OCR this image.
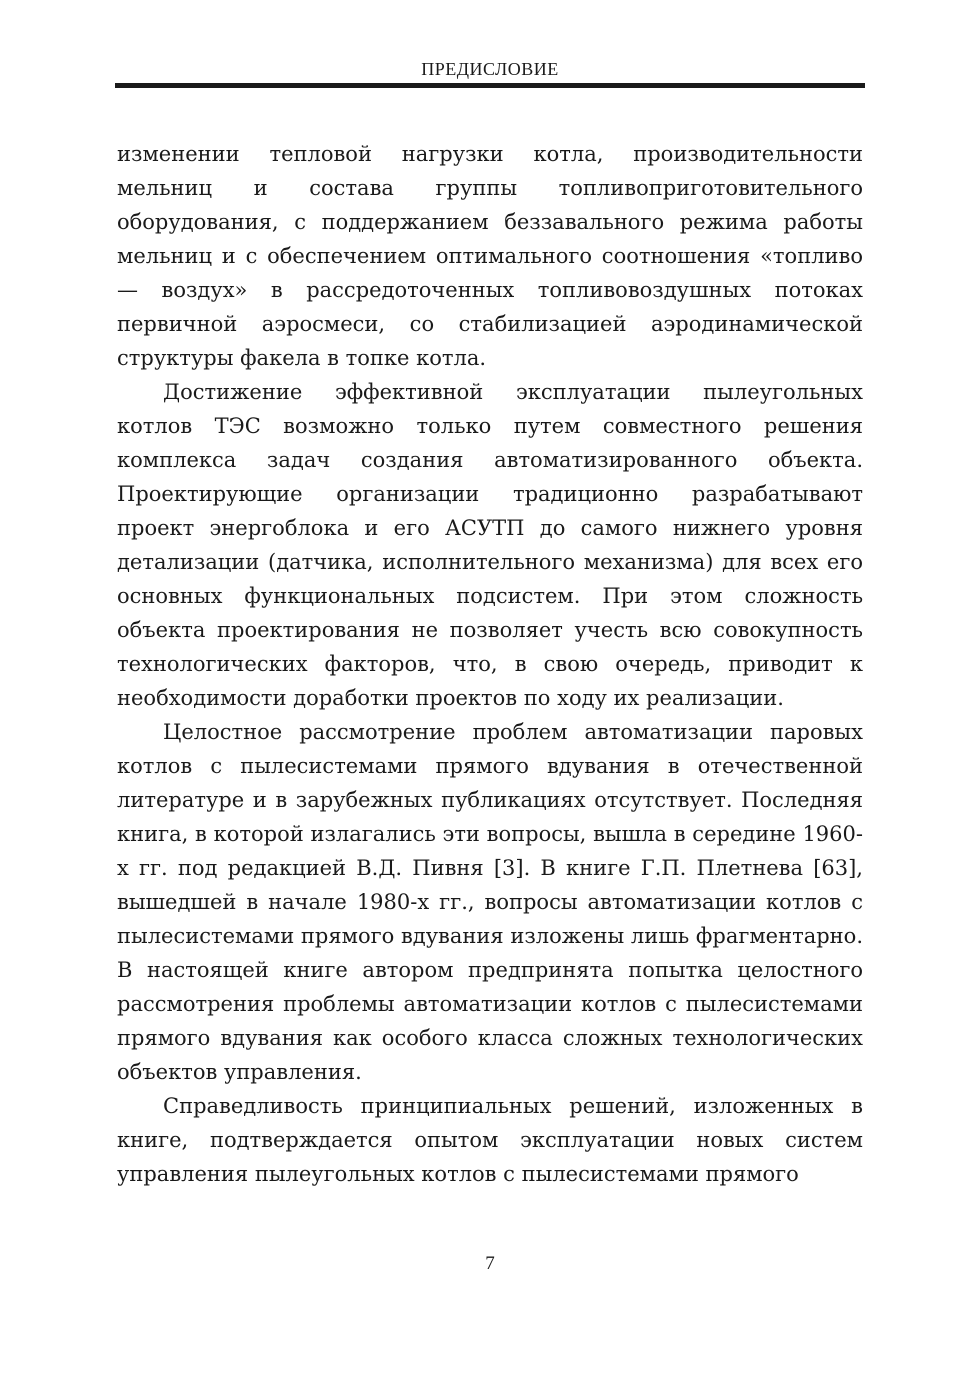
ПРЕДИСЛОВИЕ

изменении тепловой нагрузки котла, производительности мельниц и состава группы топливоприготовительного оборудования, с поддержанием беззавального режима работы мельниц и с обеспечением оптимального соотношения «топливо — воздух» в рассредоточенных топливовоздушных потоках первичной аэросмеси, со стабилизацией аэродинамической структуры факела в топке котла.

Достижение эффективной эксплуатации пылеугольных котлов ТЭС возможно только путем совместного решения комплекса задач создания автоматизированного объекта. Проектирующие организации традиционно разрабатывают проект энергоблока и его АСУТП до самого нижнего уровня детализации (датчика, исполнительного механизма) для всех его основных функциональных подсистем. При этом сложность объекта проектирования не позволяет учесть всю совокупность технологических факторов, что, в свою очередь, приводит к необходимости доработки проектов по ходу их реализации.

Целостное рассмотрение проблем автоматизации паровых котлов с пылесистемами прямого вдувания в отечественной литературе и в зарубежных публикациях отсутствует. Последняя книга, в которой излагались эти вопросы, вышла в середине 1960-х гг. под редакцией В.Д. Пивня [3]. В книге Г.П. Плетнева [63], вышедшей в начале 1980-х гг., вопросы автоматизации котлов с пылесистемами прямого вдувания изложены лишь фрагментарно. В настоящей книге автором предпринята попытка целостного рассмотрения проблемы автоматизации котлов с пылесистемами прямого вдувания как особого класса сложных технологических объектов управления.

Справедливость принципиальных решений, изложенных в книге, подтверждается опытом эксплуатации новых систем управления пылеугольных котлов с пылесистемами прямого

7
